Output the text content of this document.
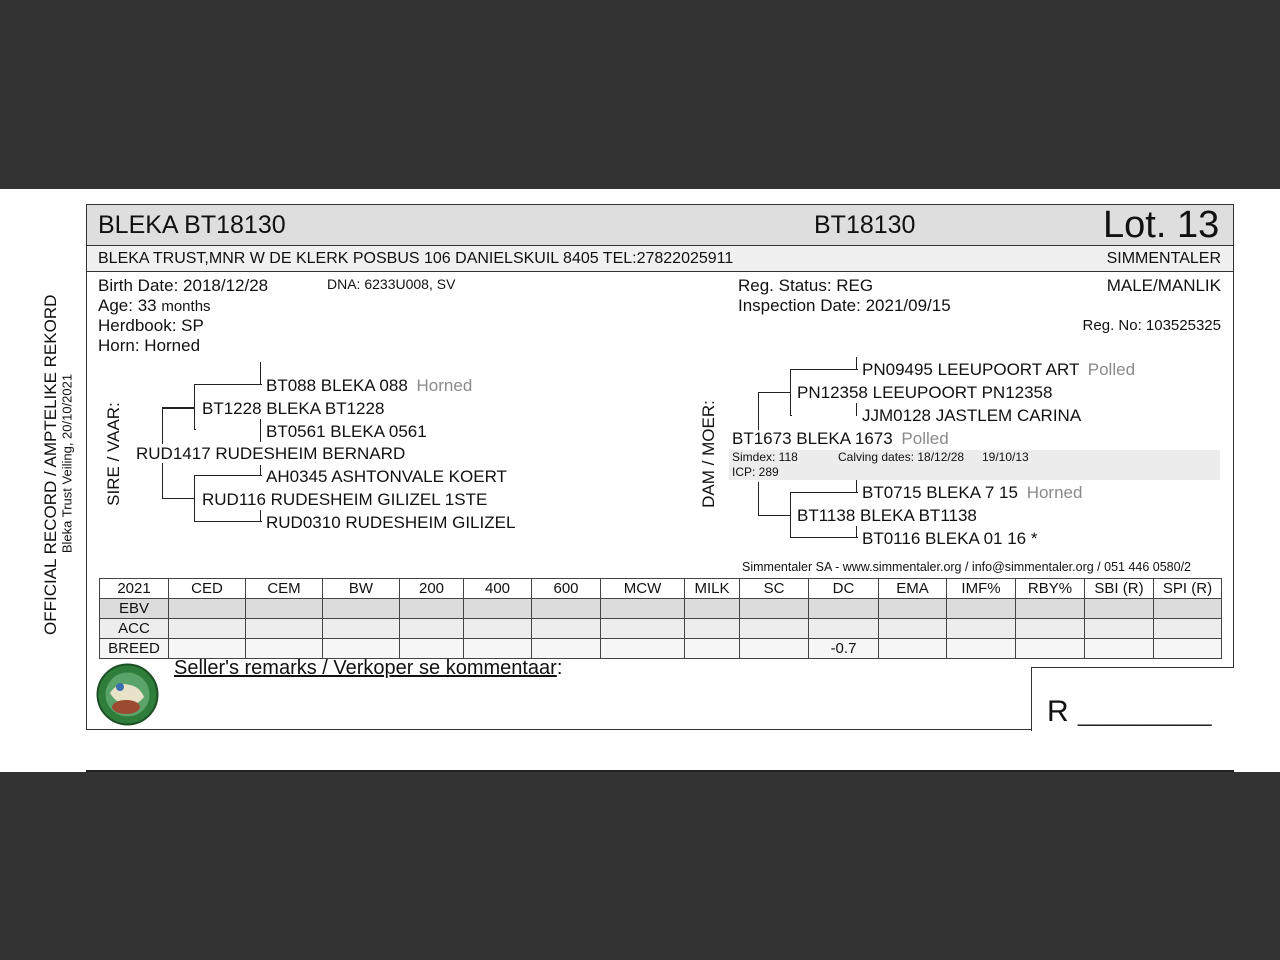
OFFICIAL RECORD / AMPTELIKE REKORD Bleka Trust Veiling, 20/10/2021
BLEKA BT18130	BT18130	Lot. 13
BLEKA TRUST,MNR W DE KLERK POSBUS 106 DANIELSKUIL 8405 TEL:27822025911	SIMMENTALER
Birth Date: 2018/12/28	DNA: 6233U008, SV
Age: 33 months
Herdbook: SP
Horn: Horned
Reg. Status: REG
Inspection Date: 2021/09/15
MALE/MANLIK
Reg. No: 103525325
SIRE / VAAR:	DAM / MOER:
BT088 BLEKA 088 Horned
BT1228 BLEKA BT1228
BT0561 BLEKA 0561
RUD1417 RUDESHEIM BERNARD
AH0345 ASHTONVALE KOERT
RUD116 RUDESHEIM GILIZEL 1STE
RUD0310 RUDESHEIM GILIZEL
PN09495 LEEUPOORT ART Polled
PN12358 LEEUPOORT PN12358
JJM0128 JASTLEM CARINA
BT1673 BLEKA 1673 Polled
Simdex: 118	Calving dates: 18/12/28 19/10/13
ICP: 289
BT0715 BLEKA 7 15 Horned
BT1138 BLEKA BT1138
BT0116 BLEKA 01 16 *
Simmentaler SA - www.simmentaler.org / info@simmentaler.org / 051 446 0580/2
2021	CED	CEM	BW	200	400	600	MCW	MILK	SC	DC	EMA	IMF%	RBY%	SBI (R)	SPI (R)
EBV															
ACC															
BREED										-0.7					
Seller's remarks / Verkoper se kommentaar:
R __________
